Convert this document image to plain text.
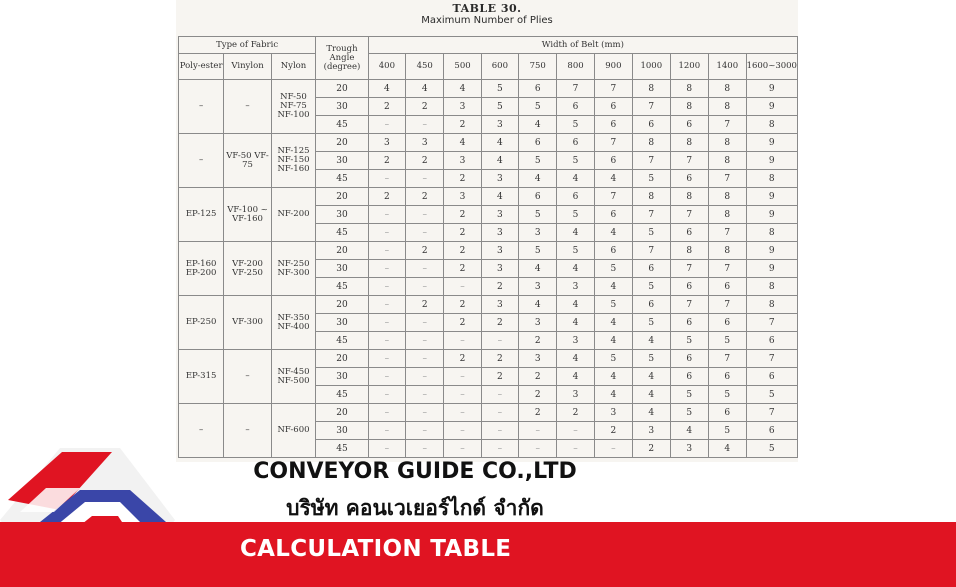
TABLE 30.
Maximum Number of Plies
Type of Fabric			Trough Angle (degree)	Width of Belt (mm)										
Poly-ester	Vinylon	Nylon		400	450	500	600	750	800	900	1000	1200	1400	1600~3000
–	–	NF-50 NF-75 NF-100	20	4	4	4	5	6	7	7	8	8	8	9
			30	2	2	3	5	5	6	6	7	8	8	9
			45	–	–	2	3	4	5	6	6	6	7	8
–	VF-50 VF-75	NF-125 NF-150 NF-160	20	3	3	4	4	6	6	7	8	8	8	9
			30	2	2	3	4	5	5	6	7	7	8	9
			45	–	–	2	3	4	4	4	5	6	7	8
EP-125	VF-100 ~ VF-160	NF-200	20	2	2	3	4	6	6	7	8	8	8	9
			30	–	–	2	3	5	5	6	7	7	8	9
			45	–	–	2	3	3	4	4	5	6	7	8
EP-160 EP-200	VF-200 VF-250	NF-250 NF-300	20	–	2	2	3	5	5	6	7	8	8	9
			30	–	–	2	3	4	4	5	6	7	7	9
			45	–	–	–	2	3	3	4	5	6	6	8
EP-250	VF-300	NF-350 NF-400	20	–	2	2	3	4	4	5	6	7	7	8
			30	–	–	2	2	3	4	4	5	6	6	7
			45	–	–	–	–	2	3	4	4	5	5	6
EP-315	–	NF-450 NF-500	20	–	–	2	2	3	4	5	5	6	7	7
			30	–	–	–	2	2	4	4	4	6	6	6
			45	–	–	–	–	2	3	4	4	5	5	5
–	–	NF-600	20	–	–	–	–	2	2	3	4	5	6	7
			30	–	–	–	–	–	–	2	3	4	5	6
			45	–	–	–	–	–	–	–	2	3	4	5
CONVEYOR GUIDE CO.,LTD
บริษัท คอนเวเยอร์ไกด์ จำกัด
CALCULATION TABLE
